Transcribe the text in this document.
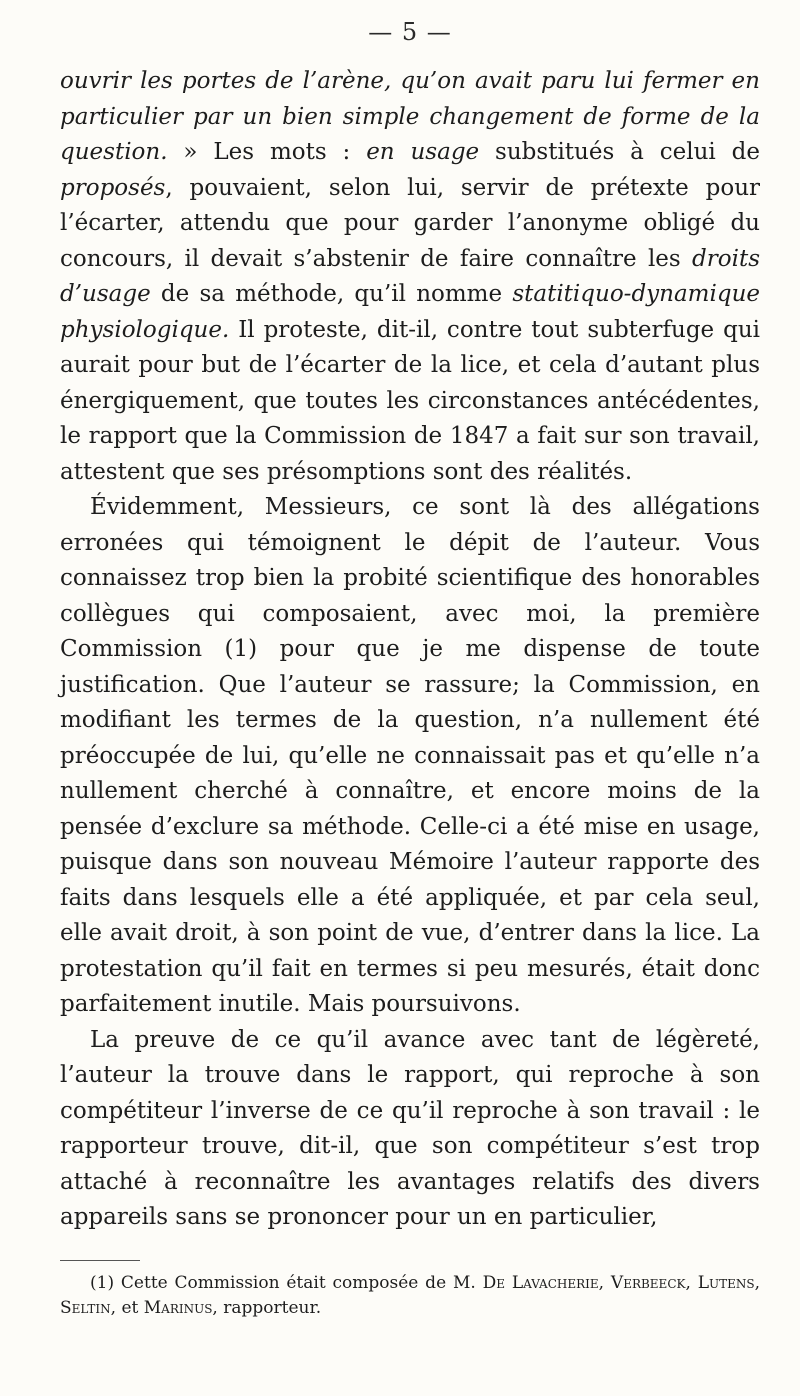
— 5 —

ouvrir les portes de l’arène, qu’on avait paru lui fermer en particulier par un bien simple changement de forme de la question. » Les mots : en usage substitués à celui de proposés, pouvaient, selon lui, servir de prétexte pour l’écarter, attendu que pour garder l’anonyme obligé du concours, il devait s’abstenir de faire connaître les droits d’usage de sa méthode, qu’il nomme statitiquo-dynamique physiologique. Il proteste, dit-il, contre tout subterfuge qui aurait pour but de l’écarter de la lice, et cela d’autant plus énergiquement, que toutes les circonstances antécédentes, le rapport que la Commission de 1847 a fait sur son travail, attestent que ses présomptions sont des réalités.

Évidemment, Messieurs, ce sont là des allégations erronées qui témoignent le dépit de l’auteur. Vous connaissez trop bien la probité scientifique des honorables collègues qui composaient, avec moi, la première Commission (1) pour que je me dispense de toute justification. Que l’auteur se rassure; la Commission, en modifiant les termes de la question, n’a nullement été préoccupée de lui, qu’elle ne connaissait pas et qu’elle n’a nullement cherché à connaître, et encore moins de la pensée d’exclure sa méthode. Celle-ci a été mise en usage, puisque dans son nouveau Mémoire l’auteur rapporte des faits dans lesquels elle a été appliquée, et par cela seul, elle avait droit, à son point de vue, d’entrer dans la lice. La protestation qu’il fait en termes si peu mesurés, était donc parfaitement inutile. Mais poursuivons.

La preuve de ce qu’il avance avec tant de légèreté, l’auteur la trouve dans le rapport, qui reproche à son compétiteur l’inverse de ce qu’il reproche à son travail : le rapporteur trouve, dit-il, que son compétiteur s’est trop attaché à reconnaître les avantages relatifs des divers appareils sans se prononcer pour un en particulier,

(1) Cette Commission était composée de M. De Lavacherie, Verbeeck, Lutens, Seltin, et Marinus, rapporteur.
